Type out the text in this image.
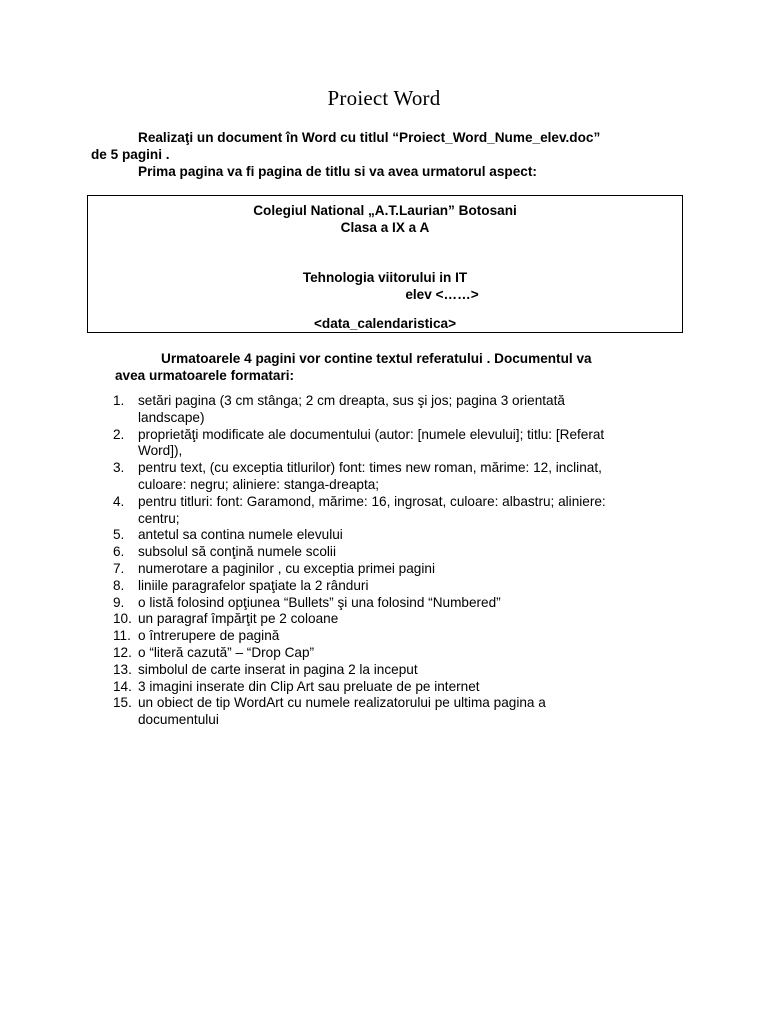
Proiect Word
Realizaţi un document în Word cu titlul “Proiect_Word_Nume_elev.doc”
de 5 pagini .
Prima pagina va fi pagina de titlu si va avea urmatorul aspect:
Colegiul National „A.T.Laurian” Botosani
Clasa a IX a A
Tehnologia viitorului in IT
elev <……>
<data_calendaristica>
Urmatoarele 4 pagini vor contine textul referatului . Documentul va
avea urmatoarele formatari:
1. setări pagina (3 cm stânga; 2 cm dreapta, sus şi jos; pagina 3 orientată
landscape)
2. proprietăţi modificate ale documentului (autor: [numele elevului]; titlu: [Referat
Word]),
3. pentru text, (cu exceptia titlurilor) font: times new roman, mărime: 12, inclinat,
culoare: negru; aliniere: stanga-dreapta;
4. pentru titluri: font: Garamond, mărime: 16, ingrosat, culoare: albastru; aliniere:
centru;
5. antetul sa contina numele elevului
6. subsolul să conţină numele scolii
7. numerotare a paginilor , cu exceptia primei pagini
8. liniile paragrafelor spaţiate la 2 rânduri
9. o listă folosind opţiunea “Bullets” şi una folosind “Numbered”
10. un paragraf împărţit pe 2 coloane
11. o întrerupere de pagină
12. o “literă cazută” – “Drop Cap”
13. simbolul de carte inserat in pagina 2 la inceput
14. 3 imagini inserate din Clip Art sau preluate de pe internet
15. un obiect de tip WordArt cu numele realizatorului pe ultima pagina a
documentului
